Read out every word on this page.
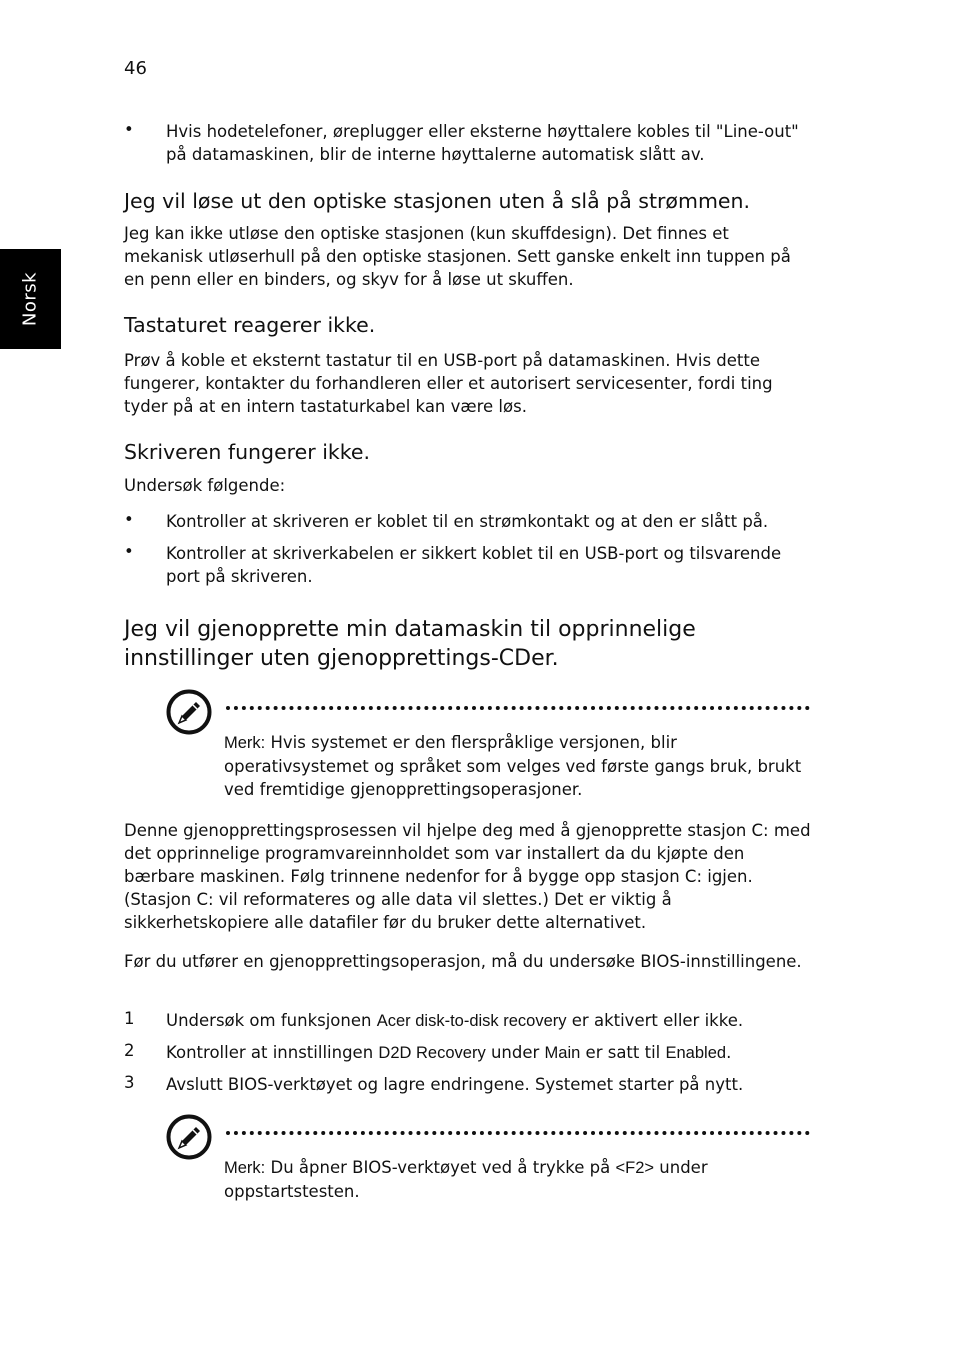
46
Norsk
• Hvis hodetelefoner, øreplugger eller eksterne høyttalere kobles til "Line-out" på datamaskinen, blir de interne høyttalerne automatisk slått av.
Jeg vil løse ut den optiske stasjonen uten å slå på strømmen.
Jeg kan ikke utløse den optiske stasjonen (kun skuffdesign). Det finnes et mekanisk utløserhull på den optiske stasjonen. Sett ganske enkelt inn tuppen på en penn eller en binders, og skyv for å løse ut skuffen.
Tastaturet reagerer ikke.
Prøv å koble et eksternt tastatur til en USB-port på datamaskinen. Hvis dette fungerer, kontakter du forhandleren eller et autorisert servicesenter, fordi ting tyder på at en intern tastaturkabel kan være løs.
Skriveren fungerer ikke.
Undersøk følgende:
• Kontroller at skriveren er koblet til en strømkontakt og at den er slått på.
• Kontroller at skriverkabelen er sikkert koblet til en USB-port og tilsvarende port på skriveren.
Jeg vil gjenopprette min datamaskin til opprinnelige innstillinger uten gjenopprettings-CDer.
Merk: Hvis systemet er den flerspråklige versjonen, blir operativsystemet og språket som velges ved første gangs bruk, brukt ved fremtidige gjenopprettingsoperasjoner.
Denne gjenopprettingsprosessen vil hjelpe deg med å gjenopprette stasjon C: med det opprinnelige programvareinnholdet som var installert da du kjøpte den bærbare maskinen. Følg trinnene nedenfor for å bygge opp stasjon C: igjen. (Stasjon C: vil reformateres og alle data vil slettes.) Det er viktig å sikkerhetskopiere alle datafiler før du bruker dette alternativet.
Før du utfører en gjenopprettingsoperasjon, må du undersøke BIOS-innstillingene.
1 Undersøk om funksjonen Acer disk-to-disk recovery er aktivert eller ikke.
2 Kontroller at innstillingen D2D Recovery under Main er satt til Enabled.
3 Avslutt BIOS-verktøyet og lagre endringene. Systemet starter på nytt.
Merk: Du åpner BIOS-verktøyet ved å trykke på <F2> under oppstartstesten.
